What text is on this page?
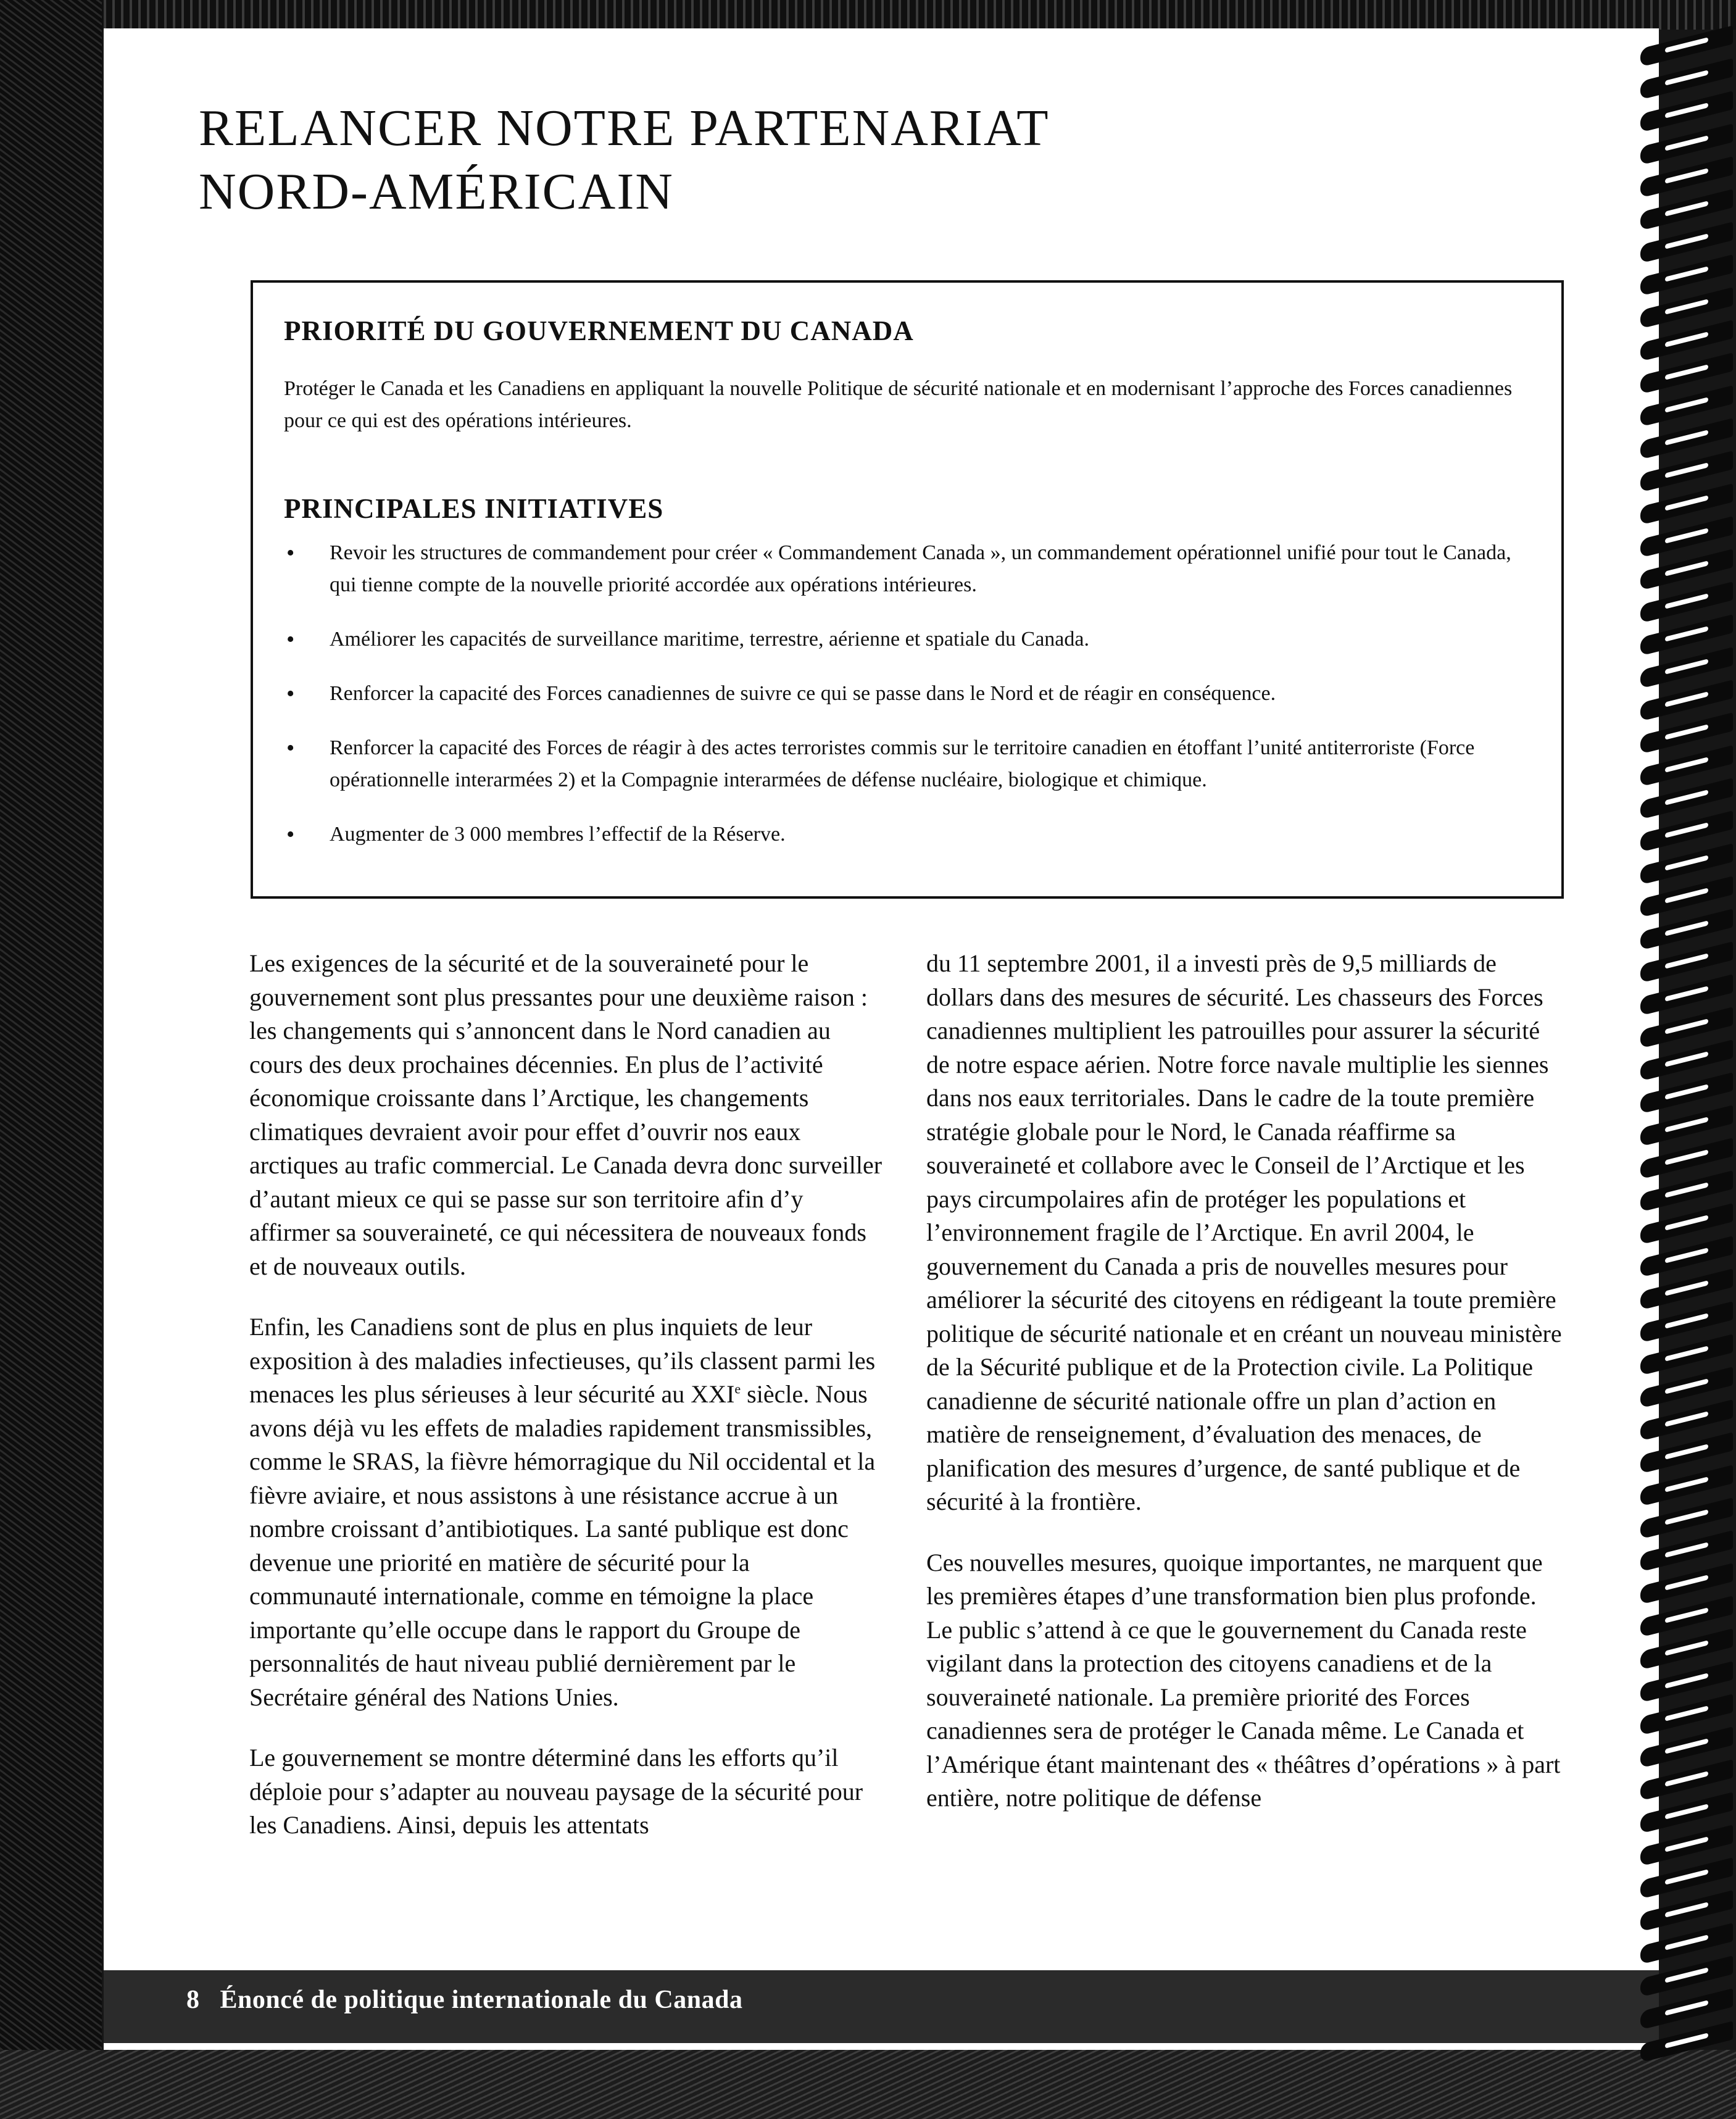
RELANCER NOTRE PARTENARIAT
NORD-AMÉRICAIN
PRIORITÉ DU GOUVERNEMENT DU CANADA

Protéger le Canada et les Canadiens en appliquant la nouvelle Politique de sécurité nationale et en modernisant l’approche des Forces canadiennes pour ce qui est des opérations intérieures.

PRINCIPALES INITIATIVES
• Revoir les structures de commandement pour créer « Commandement Canada », un commandement opérationnel unifié pour tout le Canada, qui tienne compte de la nouvelle priorité accordée aux opérations intérieures.
• Améliorer les capacités de surveillance maritime, terrestre, aérienne et spatiale du Canada.
• Renforcer la capacité des Forces canadiennes de suivre ce qui se passe dans le Nord et de réagir en conséquence.
• Renforcer la capacité des Forces de réagir à des actes terroristes commis sur le territoire canadien en étoffant l’unité antiterroriste (Force opérationnelle interarmées 2) et la Compagnie interarmées de défense nucléaire, biologique et chimique.
• Augmenter de 3 000 membres l’effectif de la Réserve.

Les exigences de la sécurité et de la souveraineté pour le gouvernement sont plus pressantes pour une deuxième raison : les changements qui s’annoncent dans le Nord canadien au cours des deux prochaines décennies. En plus de l’activité économique croissante dans l’Arctique, les changements climatiques devraient avoir pour effet d’ouvrir nos eaux arctiques au trafic commercial. Le Canada devra donc surveiller d’autant mieux ce qui se passe sur son territoire afin d’y affirmer sa souveraineté, ce qui nécessitera de nouveaux fonds et de nouveaux outils.

Enfin, les Canadiens sont de plus en plus inquiets de leur exposition à des maladies infectieuses, qu’ils classent parmi les menaces les plus sérieuses à leur sécurité au XXIe siècle. Nous avons déjà vu les effets de maladies rapidement transmissibles, comme le SRAS, la fièvre hémorragique du Nil occidental et la fièvre aviaire, et nous assistons à une résistance accrue à un nombre croissant d’antibiotiques. La santé publique est donc devenue une priorité en matière de sécurité pour la communauté internationale, comme en témoigne la place importante qu’elle occupe dans le rapport du Groupe de personnalités de haut niveau publié dernièrement par le Secrétaire général des Nations Unies.

Le gouvernement se montre déterminé dans les efforts qu’il déploie pour s’adapter au nouveau paysage de la sécurité pour les Canadiens. Ainsi, depuis les attentats

du 11 septembre 2001, il a investi près de 9,5 milliards de dollars dans des mesures de sécurité. Les chasseurs des Forces canadiennes multiplient les patrouilles pour assurer la sécurité de notre espace aérien. Notre force navale multiplie les siennes dans nos eaux territoriales. Dans le cadre de la toute première stratégie globale pour le Nord, le Canada réaffirme sa souveraineté et collabore avec le Conseil de l’Arctique et les pays circumpolaires afin de protéger les populations et l’environnement fragile de l’Arctique. En avril 2004, le gouvernement du Canada a pris de nouvelles mesures pour améliorer la sécurité des citoyens en rédigeant la toute première politique de sécurité nationale et en créant un nouveau ministère de la Sécurité publique et de la Protection civile. La Politique canadienne de sécurité nationale offre un plan d’action en matière de renseignement, d’évaluation des menaces, de planification des mesures d’urgence, de santé publique et de sécurité à la frontière.

Ces nouvelles mesures, quoique importantes, ne marquent que les premières étapes d’une transformation bien plus profonde. Le public s’attend à ce que le gouvernement du Canada reste vigilant dans la protection des citoyens canadiens et de la souveraineté nationale. La première priorité des Forces canadiennes sera de protéger le Canada même. Le Canada et l’Amérique étant maintenant des « théâtres d’opérations » à part entière, notre politique de défense

8 Énoncé de politique internationale du Canada
